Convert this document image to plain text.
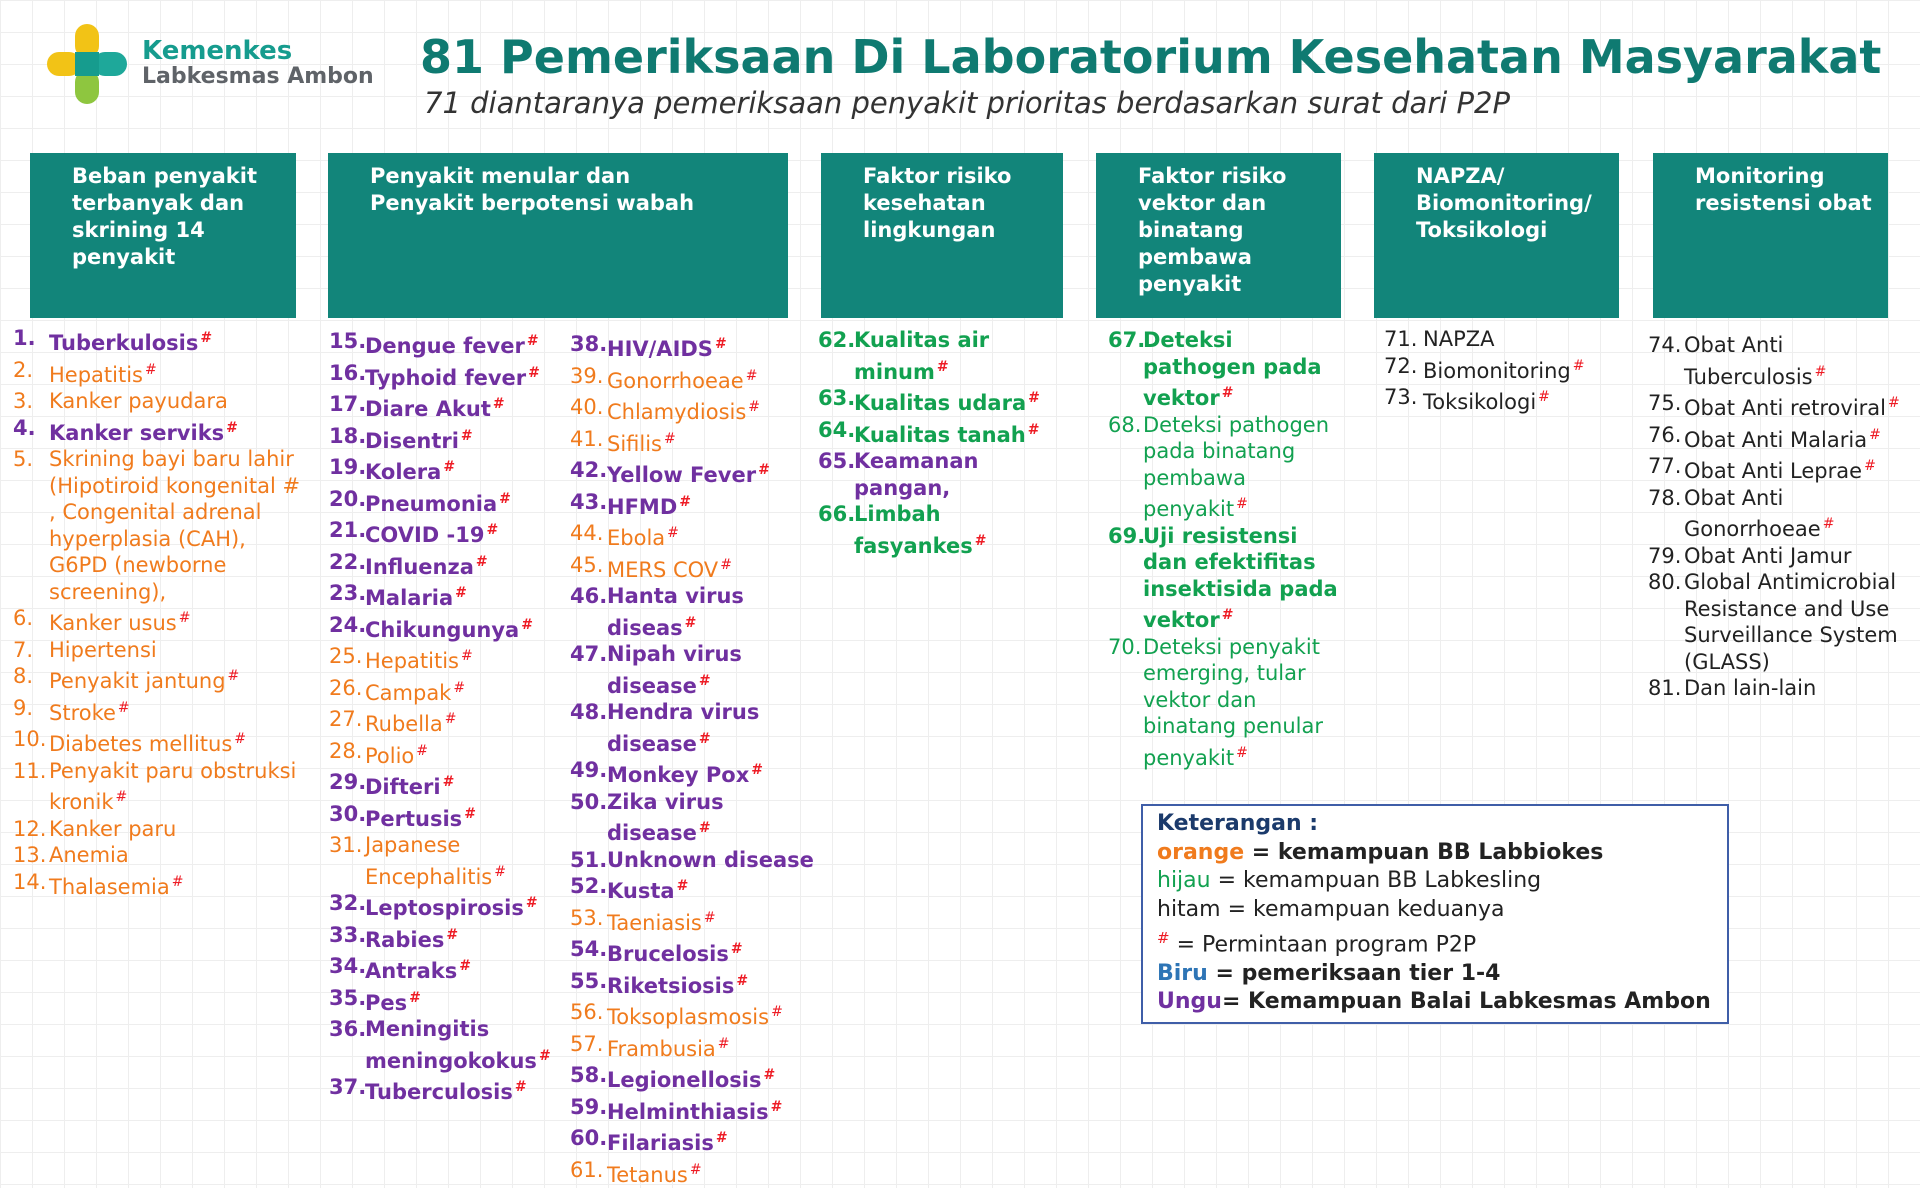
Kemenkes
Labkesmas Ambon 81 Pemeriksaan Di Laboratorium Kesehatan Masyarakat
71 diantaranya pemeriksaan penyakit prioritas berdasarkan surat dari P2P
Beban penyakit terbanyak dan skrining 14 penyakit
Penyakit menular dan Penyakit berpotensi wabah
Faktor risiko kesehatan lingkungan
Faktor risiko vektor dan binatang pembawa penyakit
NAPZA/ Biomonitoring/ Toksikologi
Monitoring resistensi obat
1. Tuberkulosis #
2. Hepatitis #
3. Kanker payudara
4. Kanker serviks #
5. Skrining bayi baru lahir (Hipotiroid kongenital # , Congenital adrenal hyperplasia (CAH), G6PD (newborne screening),
6. Kanker usus #
7. Hipertensi
8. Penyakit jantung #
9. Stroke #
10. Diabetes mellitus #
11. Penyakit paru obstruksi kronik #
12. Kanker paru
13. Anemia
14. Thalasemia #
15.
Dengue fever #
16.
Typhoid fever #
17.
Diare Akut #
18.
Disentri #
19.
Kolera #
20.
Pneumonia #
21.
COVID -19 #
22.
Influenza #
23.
Malaria #
24.
Chikungunya #
25. Hepatitis #
26. Campak #
27. Rubella #
28. Polio #
29.
Difteri #
30.
Pertusis #
31. Japanese Encephalitis #
32.
Leptospirosis #
33.
Rabies #
34.
Antraks #
35.
Pes #
36.
Meningitis meningokokus #
37.
Tuberculosis #
38. HIV/AIDS #
39. Gonorrhoeae #
40. Chlamydiosis #
41. Sifilis #
42. Yellow Fever #
43. HFMD #
44. Ebola #
45. MERS COV #
46. Hanta virus diseas #
47. Nipah virus disease #
48. Hendra virus disease #
49. Monkey Pox #
50. Zika virus disease #
51. Unknown disease
52. Kusta #
53. Taeniasis #
54. Brucelosis #
55. Riketsiosis #
56. Toksoplasmosis #
57. Frambusia #
58. Legionellosis #
59. Helminthiasis #
60. Filariasis #
61. Tetanus #
62.
Kualitas air minum #
63.
Kualitas udara #
64.
Kualitas tanah #
65.
Keamanan pangan,
66.
Limbah fasyankes #
67.
Deteksi pathogen pada vektor #
68. Deteksi pathogen pada binatang pembawa penyakit #
69.
Uji resistensi dan efektifitas insektisida pada vektor #
70. Deteksi penyakit emerging, tular vektor dan binatang penular penyakit #
71. NAPZA
72. Biomonitoring #
73. Toksikologi #
74. Obat Anti Tuberculosis #
75. Obat Anti retroviral #
76. Obat Anti Malaria #
77. Obat Anti Leprae #
78. Obat Anti Gonorrhoeae #
79. Obat Anti Jamur
80. Global Antimicrobial Resistance and Use Surveillance System (GLASS)
81. Dan lain-lain
Keterangan :
orange = kemampuan BB Labbiokes
hijau = kemampuan BB Labkesling
hitam = kemampuan keduanya
# = Permintaan program P2P
Biru = pemeriksaan tier 1-4
Ungu= Kemampuan Balai Labkesmas Ambon
